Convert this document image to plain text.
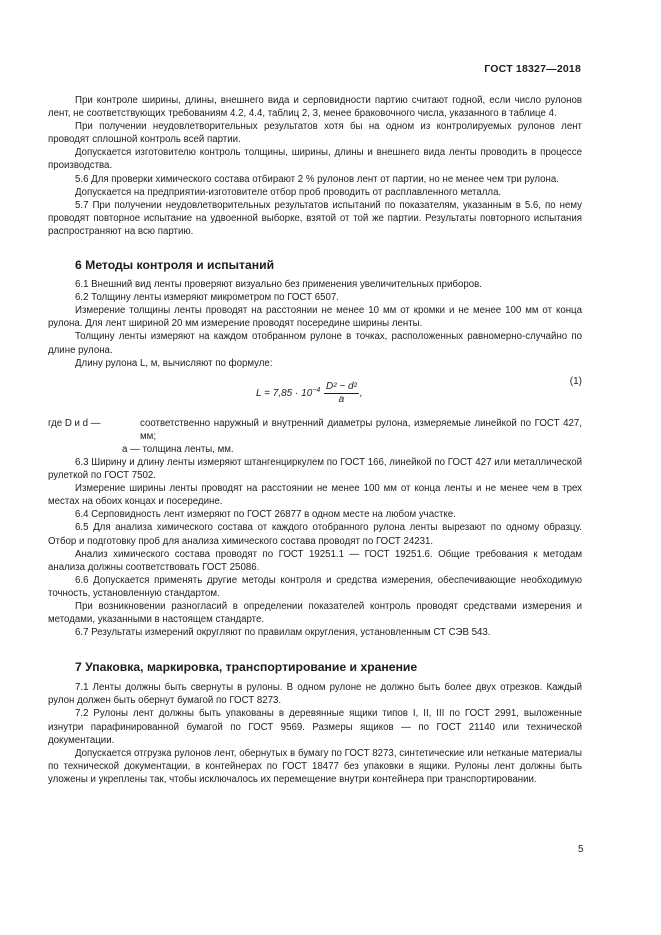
ГОСТ 18327—2018

При контроле ширины, длины, внешнего вида и серповидности партию считают годной, если число рулонов лент, не соответствующих требованиям 4.2, 4.4, таблиц 2, 3, менее браковочного числа, указанного в таблице 4.

При получении неудовлетворительных результатов хотя бы на одном из контролируемых рулонов лент проводят сплошной контроль всей партии.

Допускается изготовителю контроль толщины, ширины, длины и внешнего вида ленты проводить в процессе производства.

5.6 Для проверки химического состава отбирают 2 % рулонов лент от партии, но не менее чем три рулона.

Допускается на предприятии-изготовителе отбор проб проводить от расплавленного металла.

5.7 При получении неудовлетворительных результатов испытаний по показателям, указанным в 5.6, по нему проводят повторное испытание на удвоенной выборке, взятой от той же партии. Результаты повторного испытания распространяют на всю партию.

6 Методы контроля и испытаний

6.1 Внешний вид ленты проверяют визуально без применения увеличительных приборов.

6.2 Толщину ленты измеряют микрометром по ГОСТ 6507.

Измерение толщины ленты проводят на расстоянии не менее 10 мм от кромки и не менее 100 мм от конца рулона. Для лент шириной 20 мм измерение проводят посередине ширины ленты.

Толщину ленты измеряют на каждом отобранном рулоне в точках, расположенных равномерно-случайно по длине рулона.

Длину рулона L, м, вычисляют по формуле:

$L = 7,85 \cdot 10^{-4} \frac{\text{D² − d²}}{a}$ ,
(1)
где D и d —	соответственно наружный и внутренний диаметры рулона, измеряемые линейкой по ГОСТ 427, мм;

a — толщина ленты, мм.

6.3 Ширину и длину ленты измеряют штангенциркулем по ГОСТ 166, линейкой по ГОСТ 427 или металлической рулеткой по ГОСТ 7502.

Измерение ширины ленты проводят на расстоянии не менее 100 мм от конца ленты и не менее чем в трех местах на обоих концах и посередине.

6.4 Серповидность лент измеряют по ГОСТ 26877 в одном месте на любом участке.

6.5 Для анализа химического состава от каждого отобранного рулона ленты вырезают по одному образцу. Отбор и подготовку проб для анализа химического состава проводят по ГОСТ 24231.

Анализ химического состава проводят по ГОСТ 19251.1 — ГОСТ 19251.6. Общие требования к методам анализа должны соответствовать ГОСТ 25086.

6.6 Допускается применять другие методы контроля и средства измерения, обеспечивающие необходимую точность, установленную стандартом.

При возникновении разногласий в определении показателей контроль проводят средствами измерения и методами, указанными в настоящем стандарте.

6.7 Результаты измерений округляют по правилам округления, установленным СТ СЭВ 543.

7 Упаковка, маркировка, транспортирование и хранение

7.1 Ленты должны быть свернуты в рулоны. В одном рулоне не должно быть более двух отрезков. Каждый рулон должен быть обернут бумагой по ГОСТ 8273.

7.2 Рулоны лент должны быть упакованы в деревянные ящики типов I, II, III по ГОСТ 2991, выложенные изнутри парафинированной бумагой по ГОСТ 9569. Размеры ящиков — по ГОСТ 21140 или технической документации.

Допускается отгрузка рулонов лент, обернутых в бумагу по ГОСТ 8273, синтетические или нетканые материалы по технической документации, в контейнерах по ГОСТ 18477 без упаковки в ящики. Рулоны лент должны быть уложены и укреплены так, чтобы исключалось их перемещение внутри контейнера при транспортировании.

5
